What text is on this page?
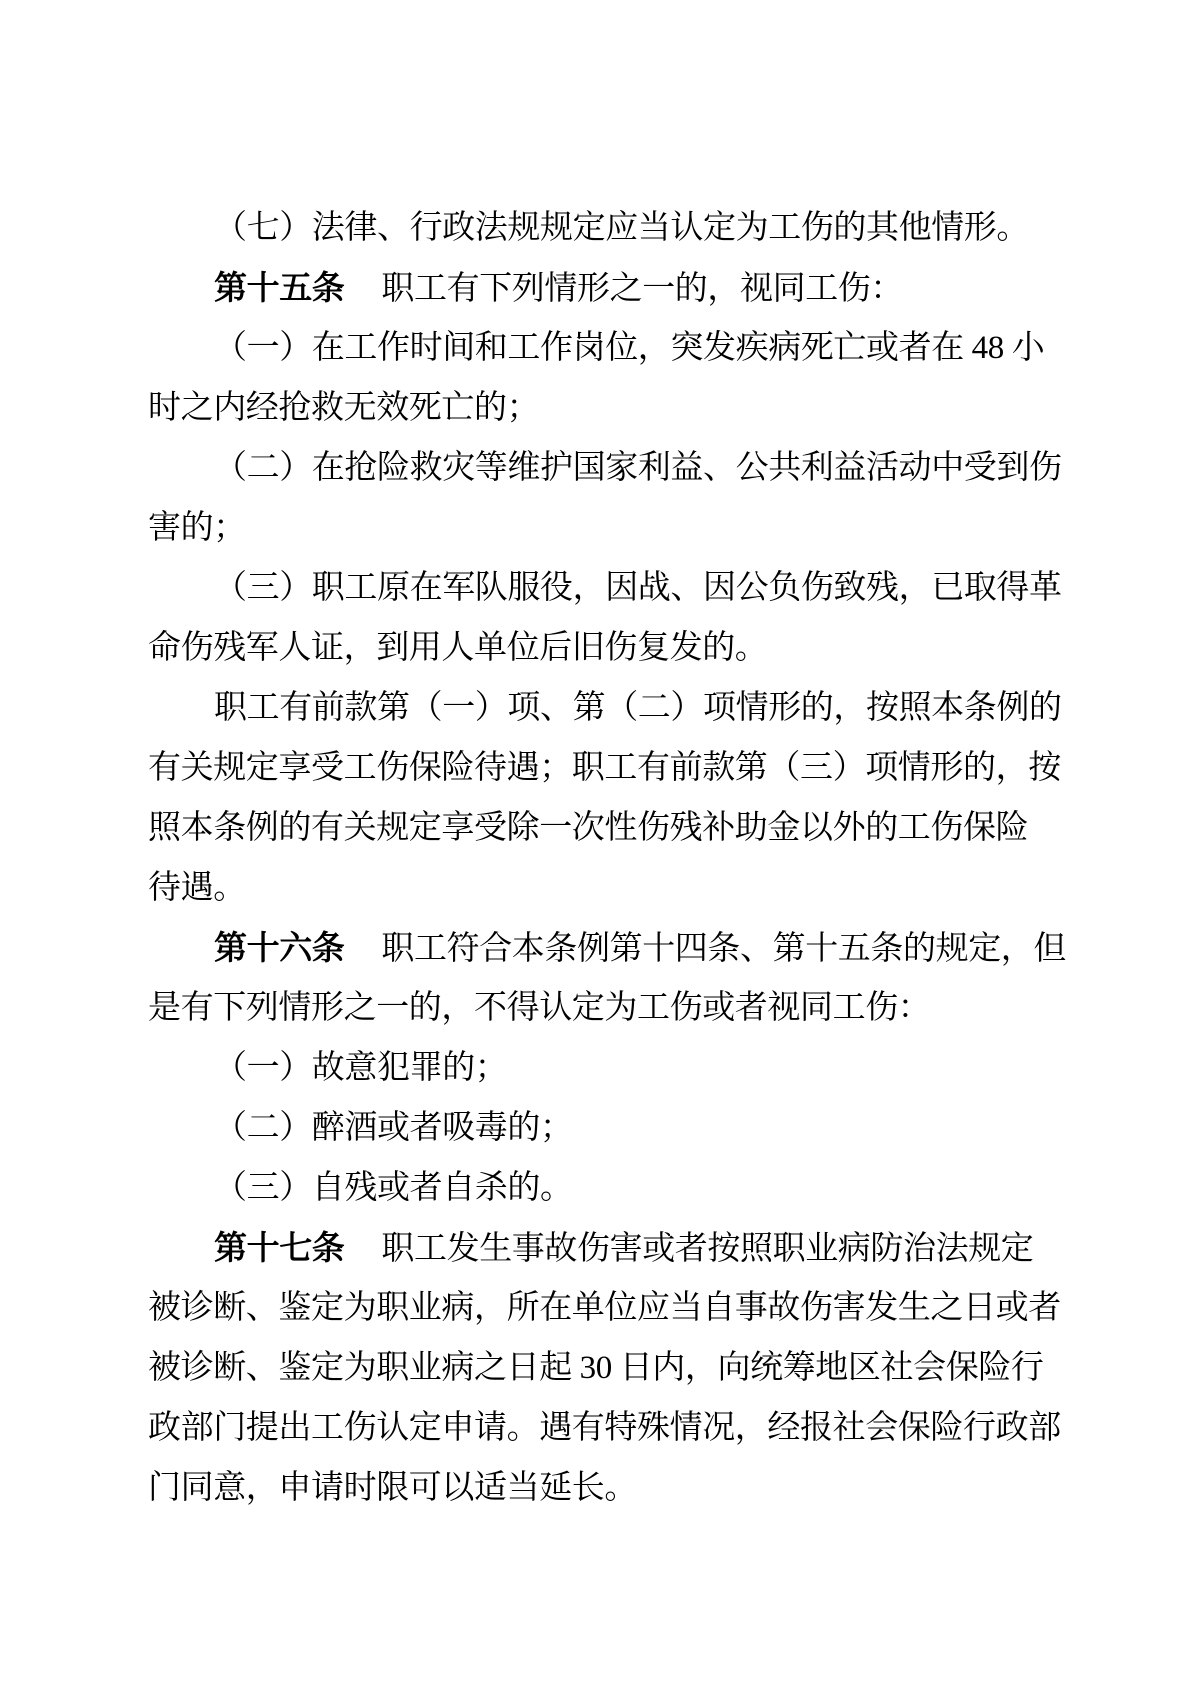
（七）法律、行政法规规定应当认定为工伤的其他情形。
第十五条 职工有下列情形之一的，视同工伤：
（一）在工作时间和工作岗位，突发疾病死亡或者在 48 小
时之内经抢救无效死亡的；
（二）在抢险救灾等维护国家利益、公共利益活动中受到伤
害的；
（三）职工原在军队服役，因战、因公负伤致残，已取得革
命伤残军人证，到用人单位后旧伤复发的。
职工有前款第（一）项、第（二）项情形的，按照本条例的
有关规定享受工伤保险待遇；职工有前款第（三）项情形的，按
照本条例的有关规定享受除一次性伤残补助金以外的工伤保险
待遇。
第十六条 职工符合本条例第十四条、第十五条的规定，但
是有下列情形之一的，不得认定为工伤或者视同工伤：
（一）故意犯罪的；
（二）醉酒或者吸毒的；
（三）自残或者自杀的。
第十七条 职工发生事故伤害或者按照职业病防治法规定
被诊断、鉴定为职业病，所在单位应当自事故伤害发生之日或者
被诊断、鉴定为职业病之日起 30 日内，向统筹地区社会保险行
政部门提出工伤认定申请。遇有特殊情况，经报社会保险行政部
门同意，申请时限可以适当延长。
